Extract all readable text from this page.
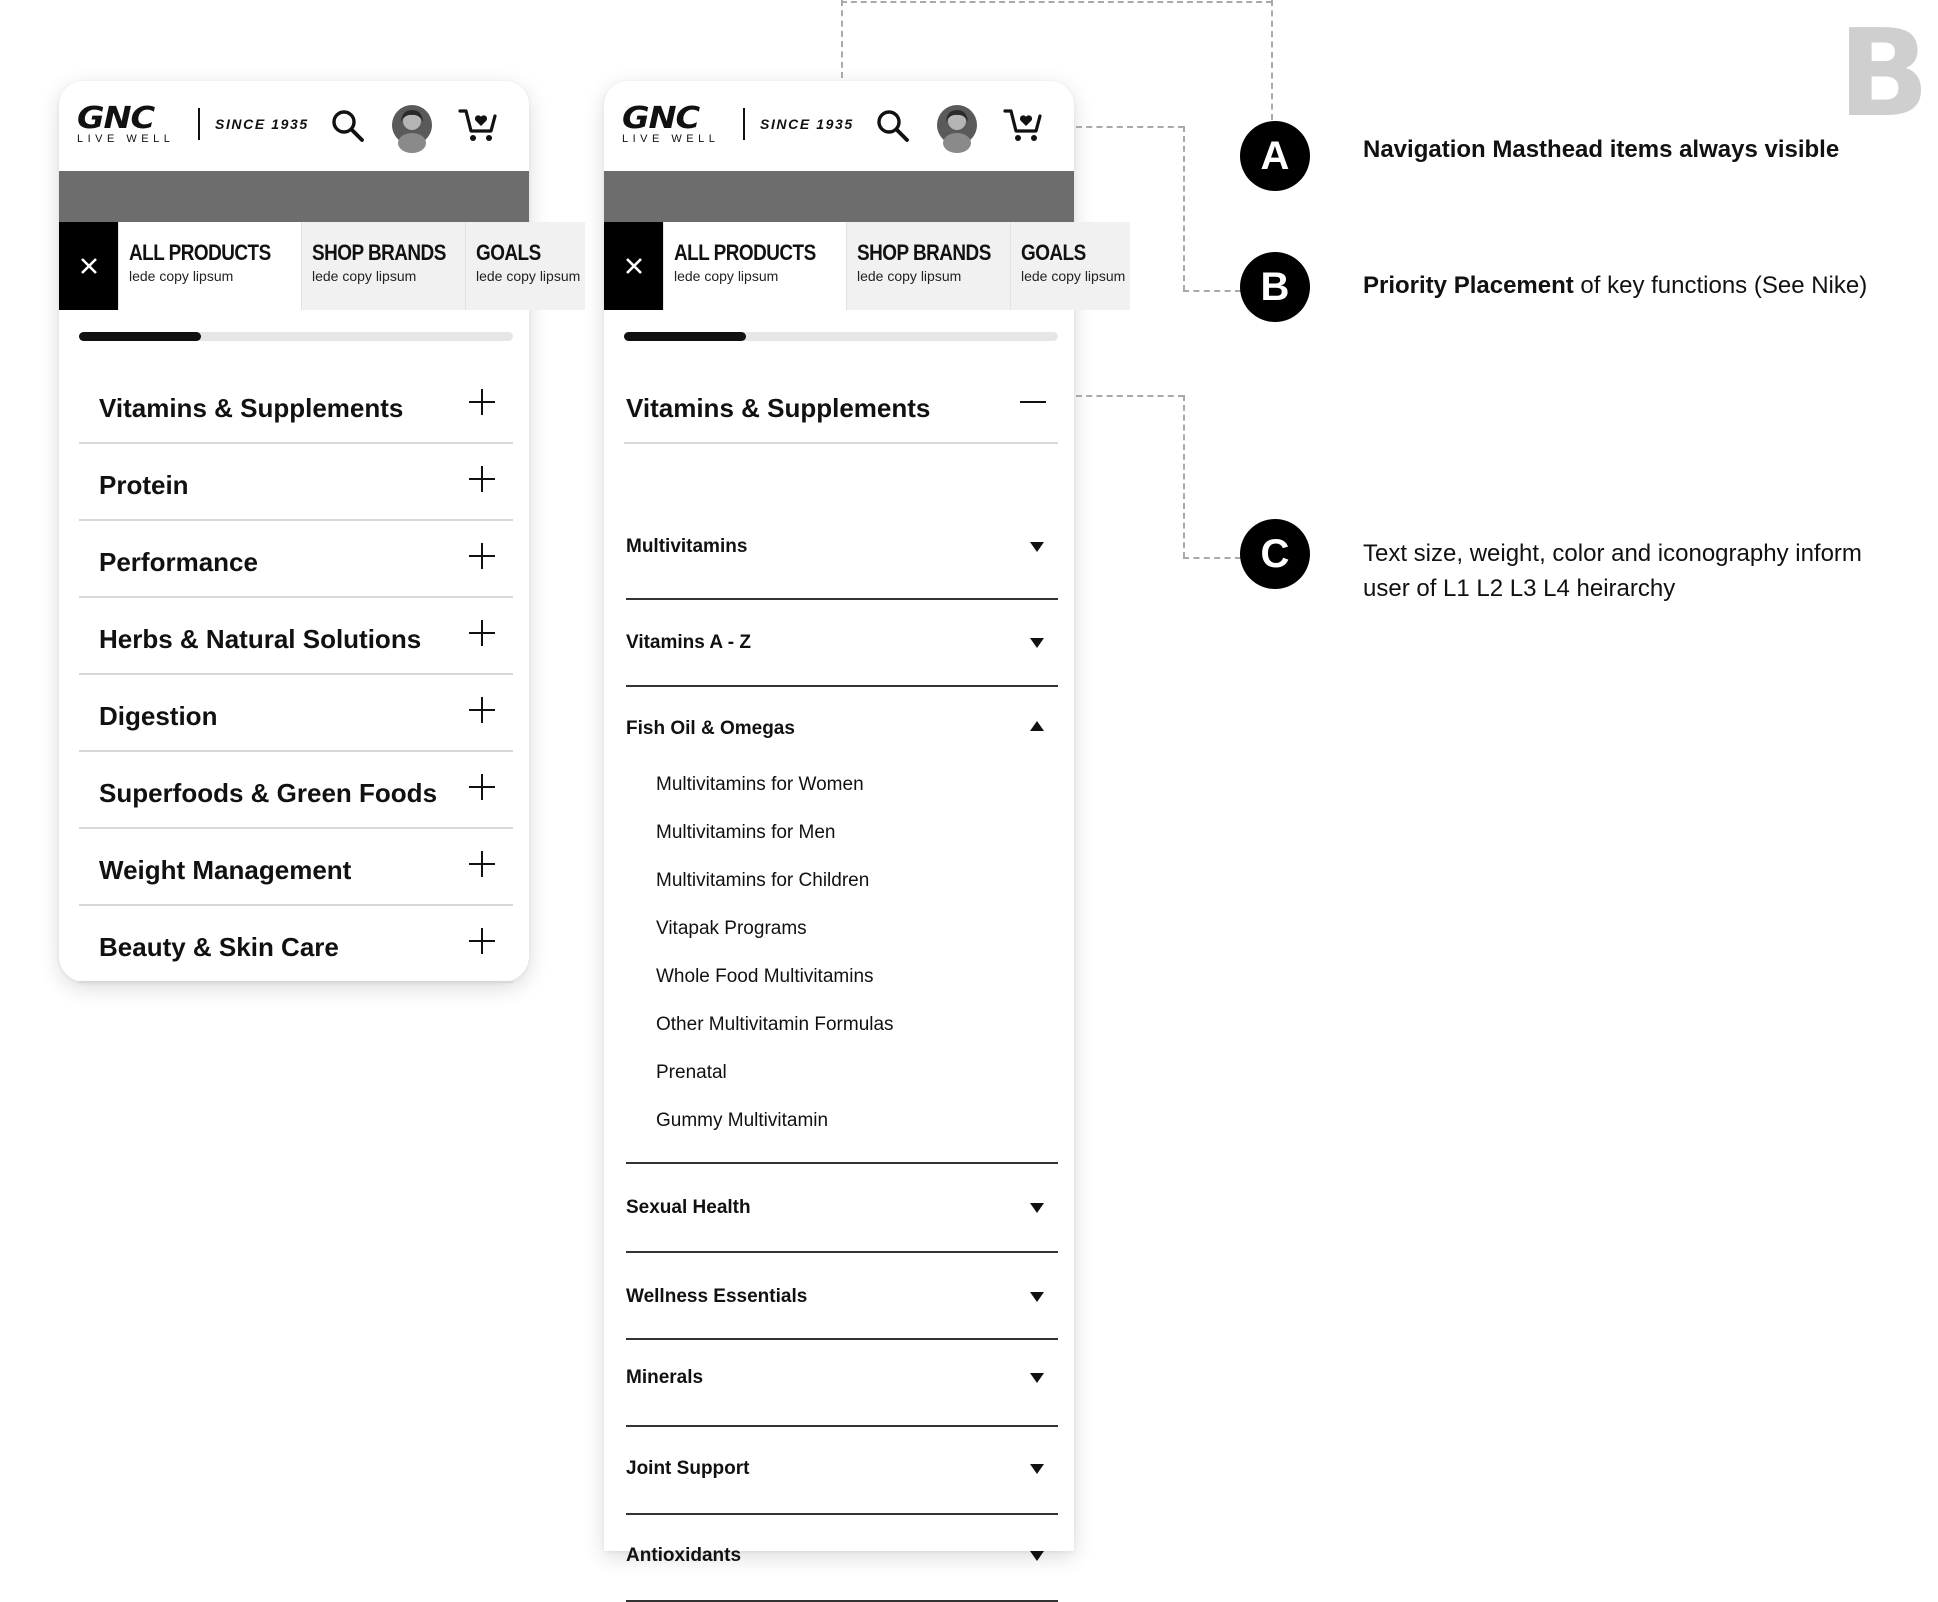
GNC
LIVE WELL
SINCE 1935
ALL PRODUCTS
lede copy lipsum
SHOP BRANDS
lede copy lipsum
GOALS
lede copy lipsum
Vitamins & Supplements
Protein
Performance
Herbs & Natural Solutions
Digestion
Superfoods & Green Foods
Weight Management
Beauty & Skin Care
GNC
LIVE WELL
SINCE 1935
ALL PRODUCTS
lede copy lipsum
SHOP BRANDS
lede copy lipsum
GOALS
lede copy lipsum
Vitamins & Supplements
Multivitamins
Vitamins A - Z
Fish Oil & Omegas
Multivitamins for Women
Multivitamins for Men
Multivitamins for Children
Vitapak Programs
Whole Food Multivitamins
Other Multivitamin Formulas
Prenatal
Gummy Multivitamin
Sexual Health
Wellness Essentials
Minerals
Joint Support
Antioxidants
A
B
C
Navigation Masthead items always visible
Priority Placement of key functions (See Nike)
Text size, weight, color and iconography inform
user of L1 L2 L3 L4 heirarchy
B
